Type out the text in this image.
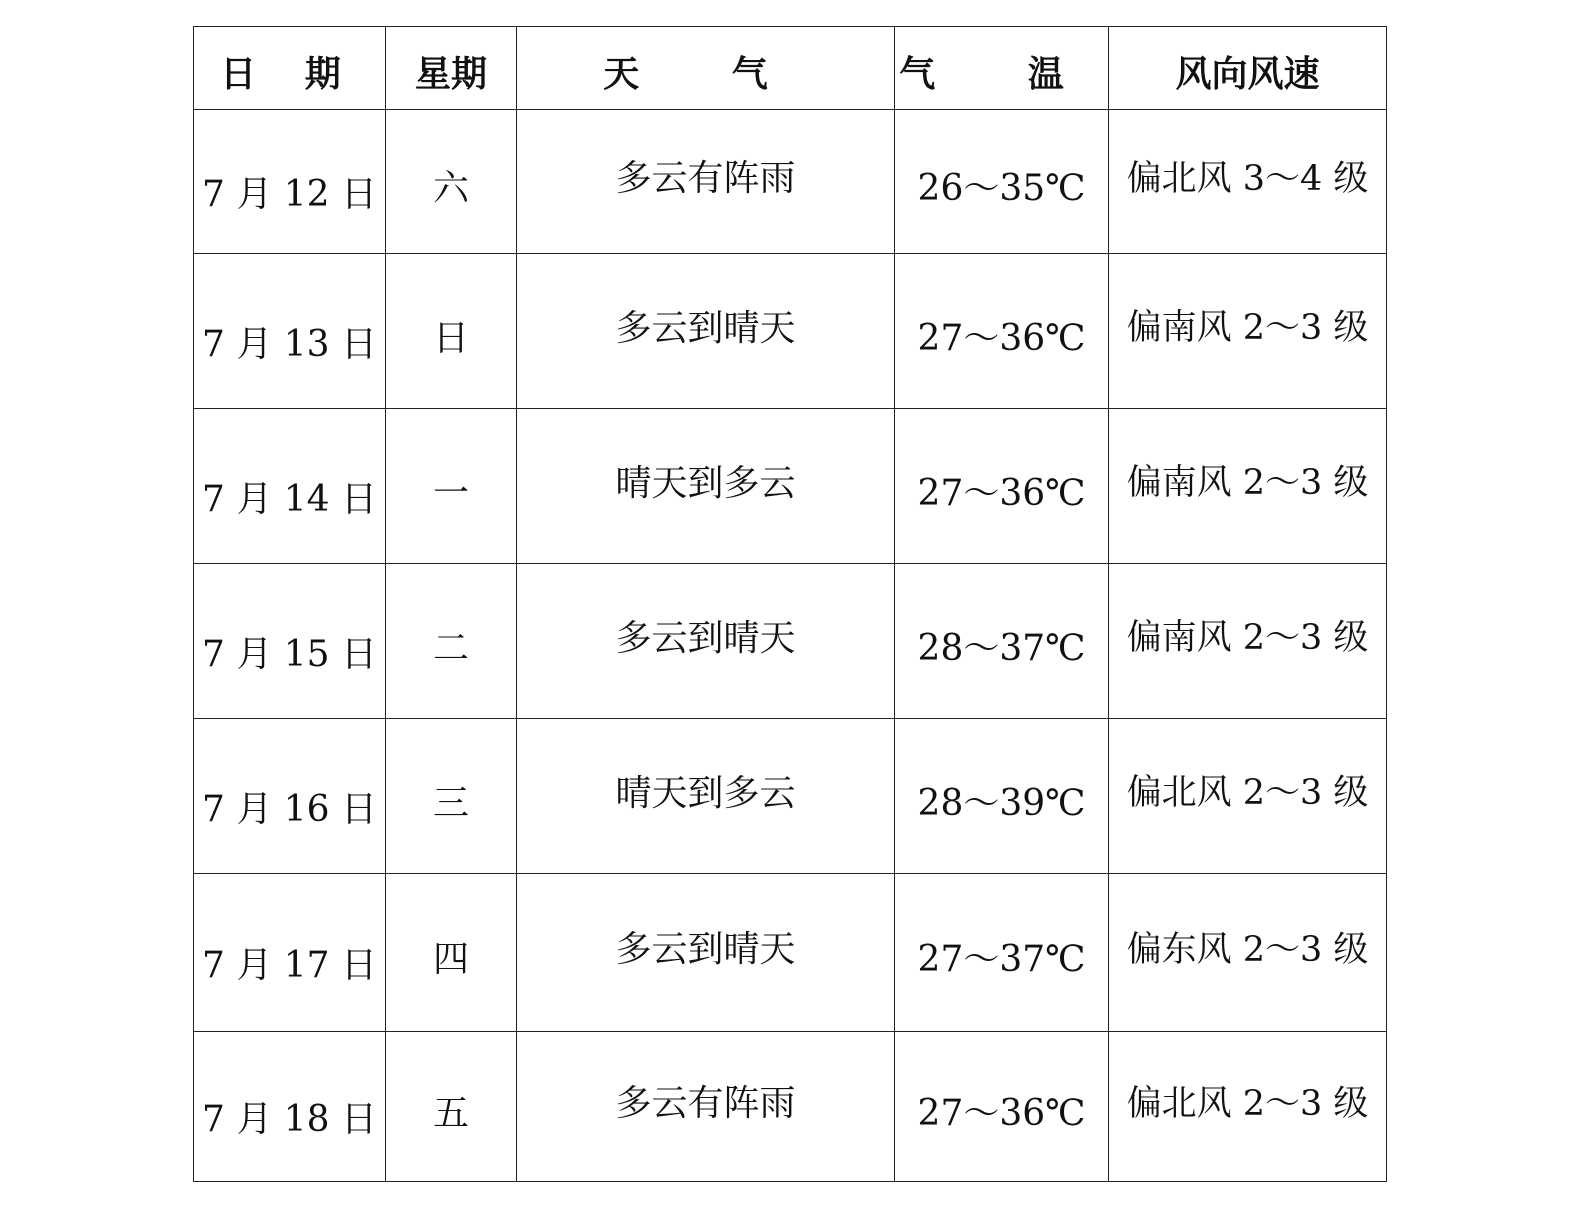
日 期	星期	天 气	气 温	风向风速
7 月 12 日	六	多云有阵雨	26～35℃	偏北风 3～4 级
7 月 13 日	日	多云到晴天	27～36℃	偏南风 2～3 级
7 月 14 日	一	晴天到多云	27～36℃	偏南风 2～3 级
7 月 15 日	二	多云到晴天	28～37℃	偏南风 2～3 级
7 月 16 日	三	晴天到多云	28～39℃	偏北风 2～3 级
7 月 17 日	四	多云到晴天	27～37℃	偏东风 2～3 级
7 月 18 日	五	多云有阵雨	27～36℃	偏北风 2～3 级
